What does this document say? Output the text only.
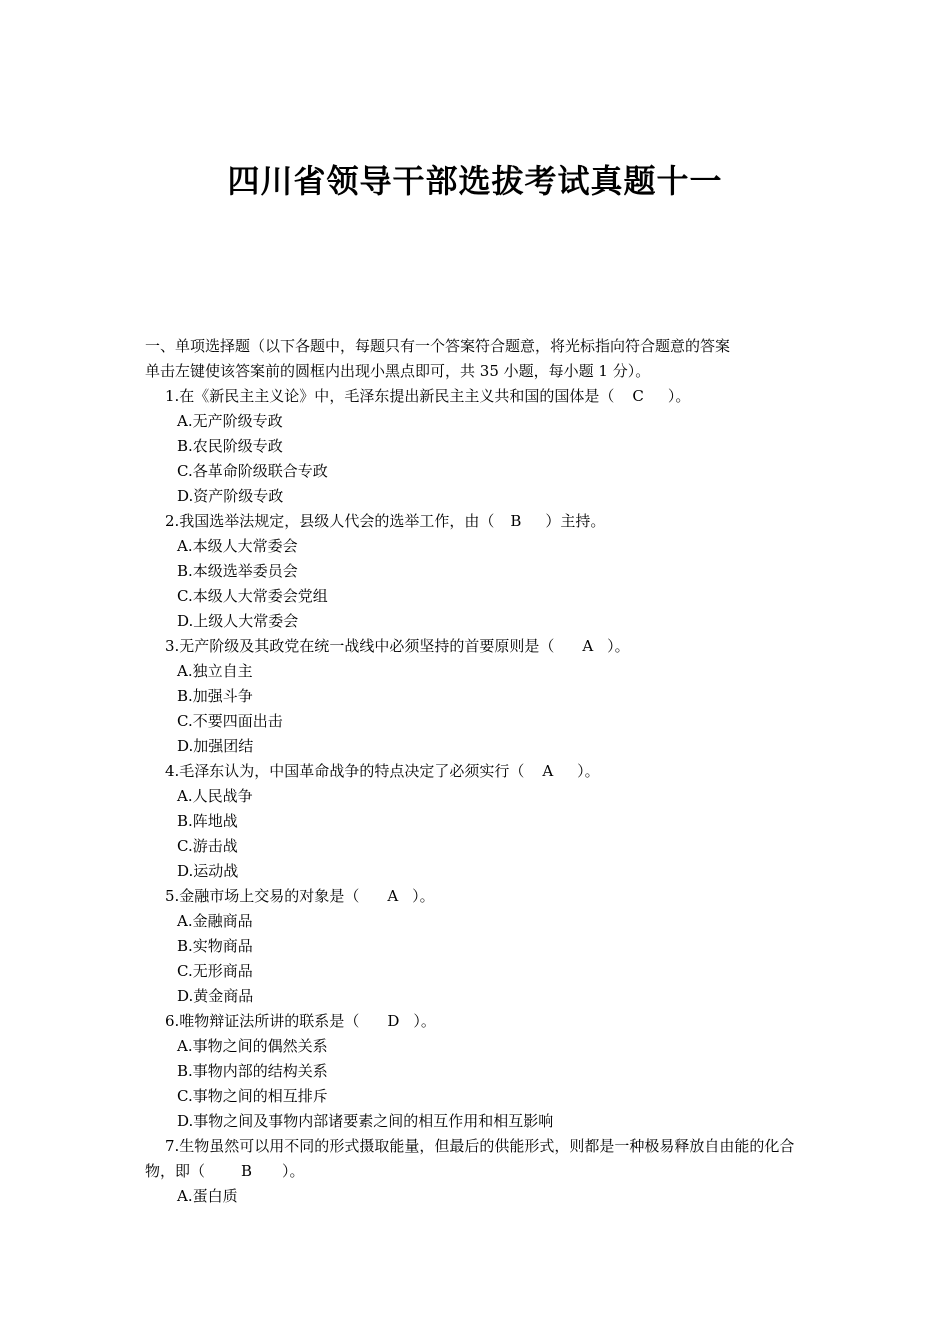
四川省领导干部选拔考试真题十一

一、单项选择题（以下各题中，每题只有一个答案符合题意，将光标指向符合题意的答案

单击左键使该答案前的圆框内出现小黑点即可，共 35 小题，每小题 1 分）。

1.在《新民主主义论》中，毛泽东提出新民主主义共和国的国体是（ C ）。

A.无产阶级专政

B.农民阶级专政

C.各革命阶级联合专政

D.资产阶级专政

2.我国选举法规定，县级人代会的选举工作，由（ B ）主持。

A.本级人大常委会

B.本级选举委员会

C.本级人大常委会党组

D.上级人大常委会

3.无产阶级及其政党在统一战线中必须坚持的首要原则是（ A ）。

A.独立自主

B.加强斗争

C.不要四面出击

D.加强团结

4.毛泽东认为，中国革命战争的特点决定了必须实行（ A ）。

A.人民战争

B.阵地战

C.游击战

D.运动战

5.金融市场上交易的对象是（ A ）。

A.金融商品

B.实物商品

C.无形商品

D.黄金商品

6.唯物辩证法所讲的联系是（ D ）。

A.事物之间的偶然关系

B.事物内部的结构关系

C.事物之间的相互排斥

D.事物之间及事物内部诸要素之间的相互作用和相互影响

7.生物虽然可以用不同的形式摄取能量，但最后的供能形式，则都是一种极易释放自由能的化合物，即（ B ）。

A.蛋白质
